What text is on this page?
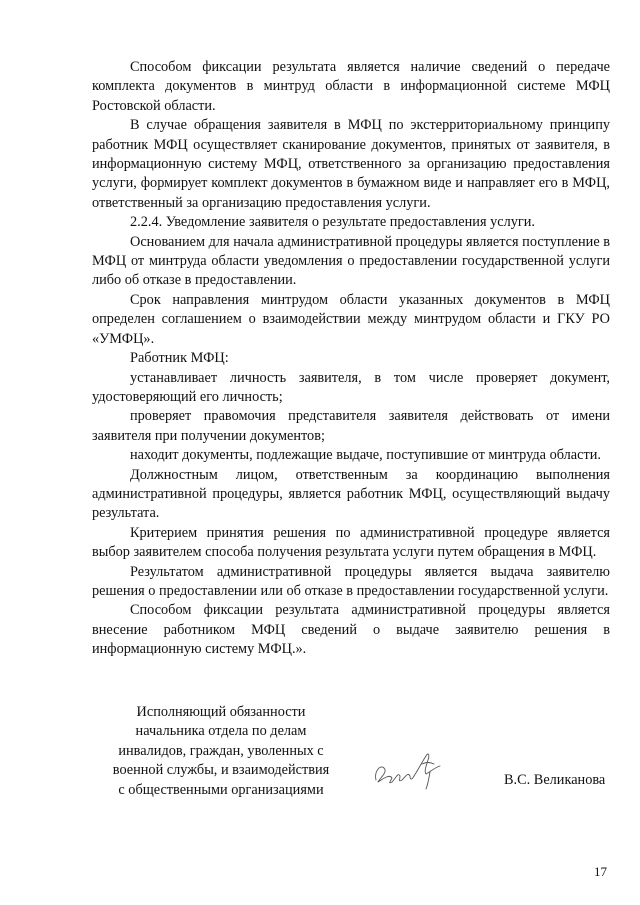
Способом фиксации результата является наличие сведений о передаче комплекта документов в минтруд области в информационной системе МФЦ Ростовской области.

В случае обращения заявителя в МФЦ по экстерриториальному принципу работник МФЦ осуществляет сканирование документов, принятых от заявителя, в информационную систему МФЦ, ответственного за организацию предоставления услуги, формирует комплект документов в бумажном виде и направляет его в МФЦ, ответственный за организацию предоставления услуги.

2.2.4. Уведомление заявителя о результате предоставления услуги.

Основанием для начала административной процедуры является поступление в МФЦ от минтруда области уведомления о предоставлении государственной услуги либо об отказе в предоставлении.

Срок направления минтрудом области указанных документов в МФЦ определен соглашением о взаимодействии между минтрудом области и ГКУ РО «УМФЦ».

Работник МФЦ:

устанавливает личность заявителя, в том числе проверяет документ, удостоверяющий его личность;

проверяет правомочия представителя заявителя действовать от имени заявителя при получении документов;

находит документы, подлежащие выдаче, поступившие от минтруда области.

Должностным лицом, ответственным за координацию выполнения административной процедуры, является работник МФЦ, осуществляющий выдачу результата.

Критерием принятия решения по административной процедуре является выбор заявителем способа получения результата услуги путем обращения в МФЦ.

Результатом административной процедуры является выдача заявителю решения о предоставлении или об отказе в предоставлении государственной услуги.

Способом фиксации результата административной процедуры является внесение работником МФЦ сведений о выдаче заявителю решения в информационную систему МФЦ.».

Исполняющий обязанности
начальника отдела по делам
инвалидов, граждан, уволенных с
военной службы, и взаимодействия
с общественными организациями
В.С. Великанова
17
